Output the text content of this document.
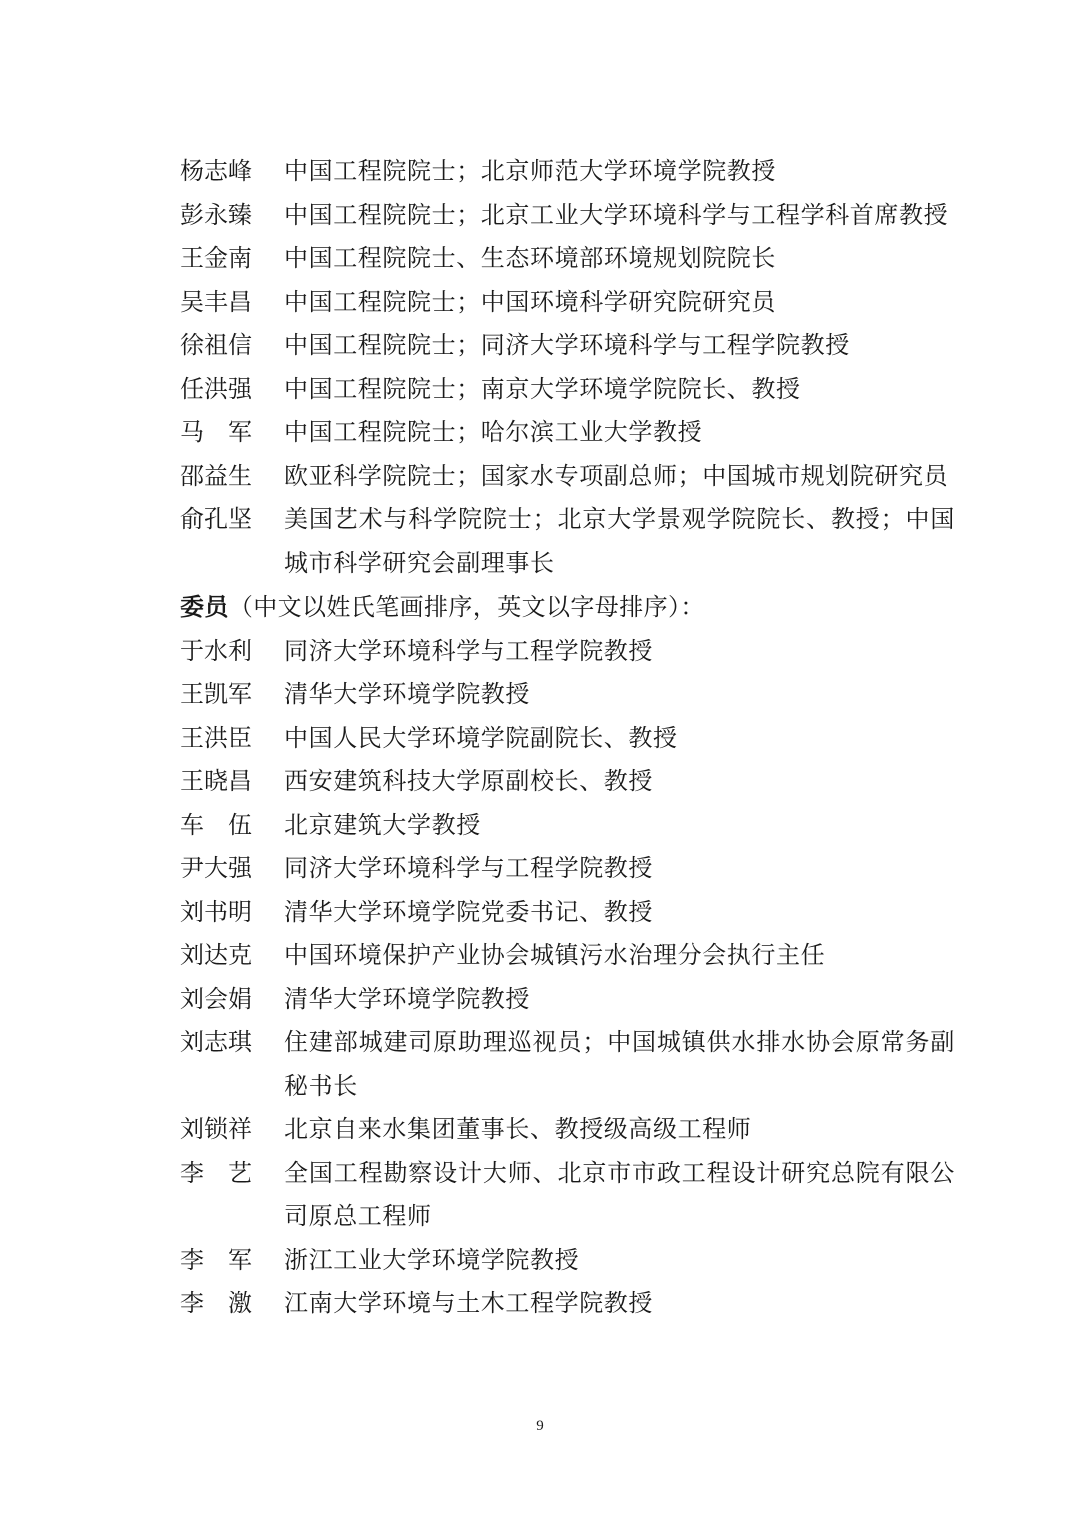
杨志峰	中国工程院院士；北京师范大学环境学院教授
彭永臻	中国工程院院士；北京工业大学环境科学与工程学科首席教授
王金南	中国工程院院士、生态环境部环境规划院院长
吴丰昌	中国工程院院士；中国环境科学研究院研究员
徐祖信	中国工程院院士；同济大学环境科学与工程学院教授
任洪强	中国工程院院士；南京大学环境学院院长、教授
马　军	中国工程院院士；哈尔滨工业大学教授
邵益生	欧亚科学院院士；国家水专项副总师；中国城市规划院研究员
俞孔坚	美国艺术与科学院院士；北京大学景观学院院长、教授；中国城市科学研究会副理事长
委员（中文以姓氏笔画排序，英文以字母排序）：
于水利	同济大学环境科学与工程学院教授
王凯军	清华大学环境学院教授
王洪臣	中国人民大学环境学院副院长、教授
王晓昌	西安建筑科技大学原副校长、教授
车　伍	北京建筑大学教授
尹大强	同济大学环境科学与工程学院教授
刘书明	清华大学环境学院党委书记、教授
刘达克	中国环境保护产业协会城镇污水治理分会执行主任
刘会娟	清华大学环境学院教授
刘志琪	住建部城建司原助理巡视员；中国城镇供水排水协会原常务副秘书长
刘锁祥	北京自来水集团董事长、教授级高级工程师
李　艺	全国工程勘察设计大师、北京市市政工程设计研究总院有限公司原总工程师
李　军	浙江工业大学环境学院教授
李　激	江南大学环境与土木工程学院教授
9
